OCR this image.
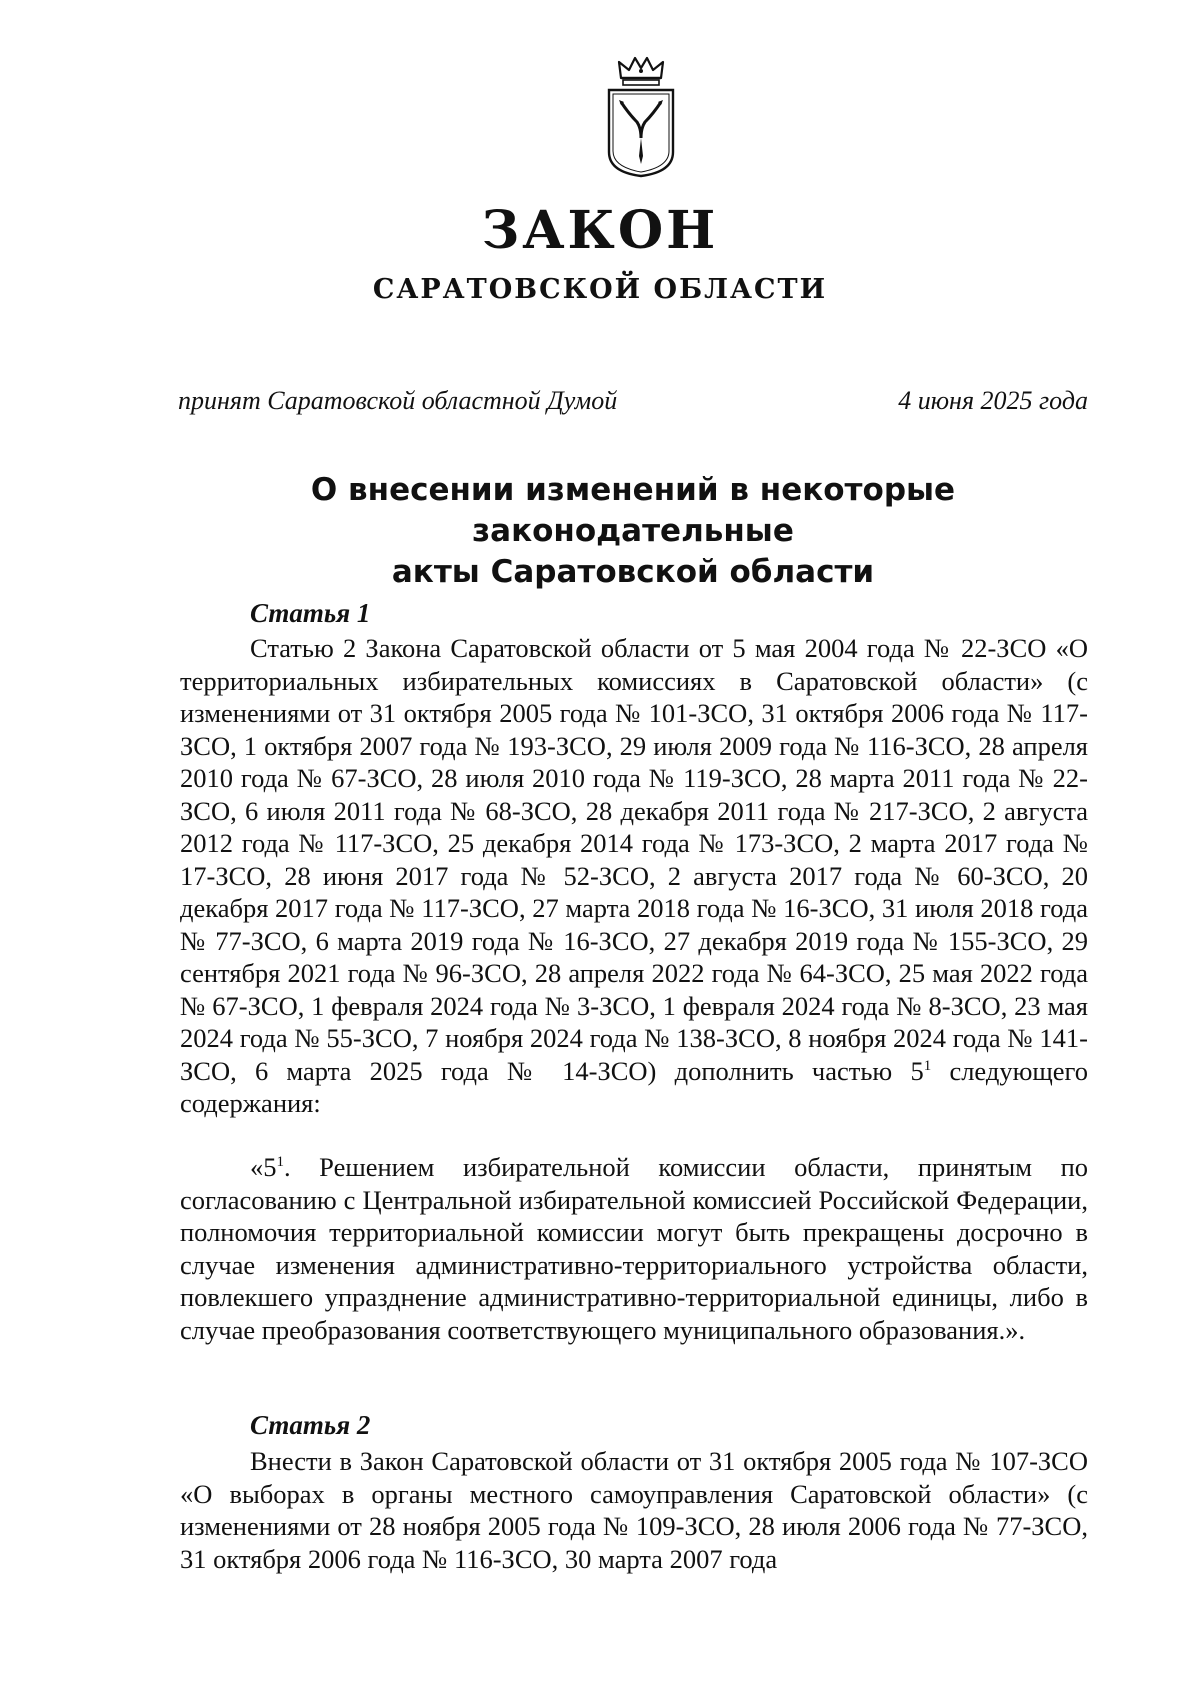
ЗАКОН
САРАТОВСКОЙ ОБЛАСТИ
принят Саратовской областной Думой	4 июня 2025 года
О внесении изменений в некоторые законодательные
акты Саратовской области
Статья 1

Статью 2 Закона Саратовской области от 5 мая 2004 года № 22-ЗСО «О территориальных избирательных комиссиях в Саратовской области» (с изменениями от 31 октября 2005 года № 101-ЗСО, 31 октября 2006 года № 117-ЗСО, 1 октября 2007 года № 193-ЗСО, 29 июля 2009 года № 116-ЗСО, 28 апреля 2010 года № 67-ЗСО, 28 июля 2010 года № 119-ЗСО, 28 марта 2011 года № 22-ЗСО, 6 июля 2011 года № 68-ЗСО, 28 декабря 2011 года № 217-ЗСО, 2 августа 2012 года № 117-ЗСО, 25 декабря 2014 года № 173-ЗСО, 2 марта 2017 года № 17-ЗСО, 28 июня 2017 года № 52-ЗСО, 2 августа 2017 года № 60-ЗСО, 20 декабря 2017 года № 117-ЗСО, 27 марта 2018 года № 16-ЗСО, 31 июля 2018 года № 77-ЗСО, 6 марта 2019 года № 16-ЗСО, 27 декабря 2019 года № 155-ЗСО, 29 сентября 2021 года № 96-ЗСО, 28 апреля 2022 года № 64-ЗСО, 25 мая 2022 года № 67-ЗСО, 1 февраля 2024 года № 3-ЗСО, 1 февраля 2024 года № 8-ЗСО, 23 мая 2024 года № 55-ЗСО, 7 ноября 2024 года № 138-ЗСО, 8 ноября 2024 года № 141-ЗСО, 6 марта 2025 года № 14-ЗСО) дополнить частью $5^1$ следующего содержания:

«$5^1$. Решением избирательной комиссии области, принятым по согласованию с Центральной избирательной комиссией Российской Федерации, полномочия территориальной комиссии могут быть прекращены досрочно в случае изменения административно-территориального устройства области, повлекшего упразднение административно-территориальной единицы, либо в случае преобразования соответствующего муниципального образования.».

Статья 2

Внести в Закон Саратовской области от 31 октября 2005 года № 107-ЗСО «О выборах в органы местного самоуправления Саратовской области» (с изменениями от 28 ноября 2005 года № 109-ЗСО, 28 июля 2006 года № 77-ЗСО, 31 октября 2006 года № 116-ЗСО, 30 марта 2007 года
